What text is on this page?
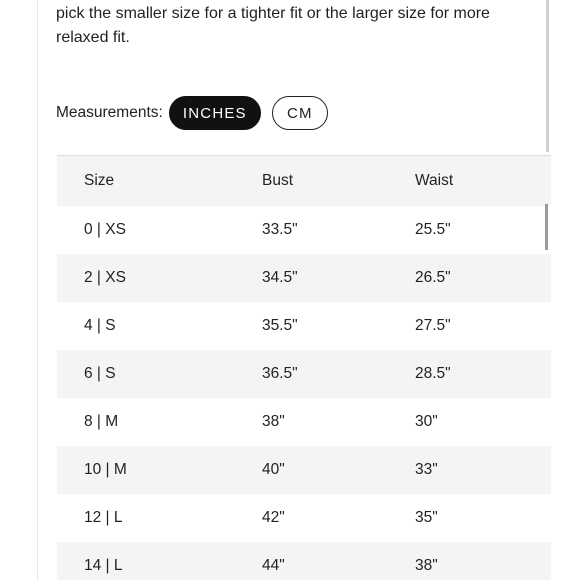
pick the smaller size for a tighter fit or the larger size for more relaxed fit.

Measurements:	INCHES	CM
Size	Bust	Waist
0 | XS	33.5"	25.5"
2 | XS	34.5"	26.5"
4 | S	35.5"	27.5"
6 | S	36.5"	28.5"
8 | M	38"	30"
10 | M	40"	33"
12 | L	42"	35"
14 | L	44"	38"
